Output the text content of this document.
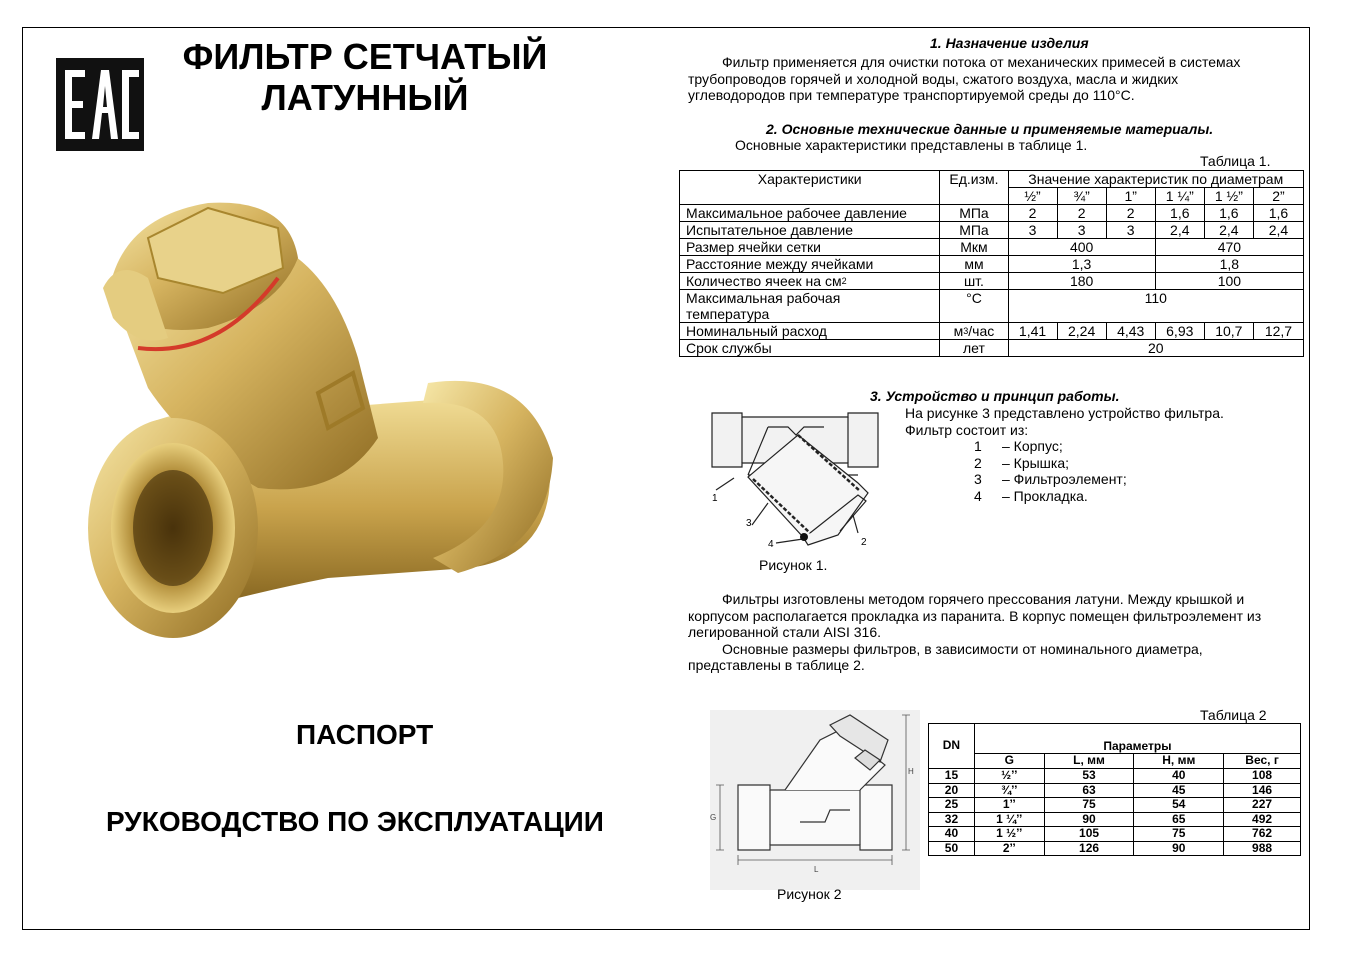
ФИЛЬТР СЕТЧАТЫЙ
ЛАТУННЫЙ
ПАСПОРТ
РУКОВОДСТВО ПО ЭКСПЛУАТАЦИИ
1. Назначение изделия
Фильтр применяется для очистки потока от механических примесей в системах
трубопроводов горячей и холодной воды, сжатого воздуха, масла и жидких
углеводородов при температуре транспортируемой среды до 110°С.
2. Основные технические данные и применяемые материалы.
Основные характеристики представлены в таблице 1.
Таблица 1.
Характеристики	Ед.изм.	Значение характеристик по диаметрам					
		½”	¾”	1”	1 ¼”	1 ½”	2”
Максимальное рабочее давление	МПа	2	2	2	1,6	1,6	1,6
Испытательное давление	МПа	3	3	3	2,4	2,4	2,4
Размер ячейки сетки	Мкм	400			470		
Расстояние между ячейками	мм	1,3			1,8		
Количество ячеек на $см^2$	шт.	180			100		

Максимальная рабочая
температура	°С	110					
Номинальный расход	$м^3$/час	1,41	2,24	4,43	6,93	10,7	12,7
Срок службы	лет	20					
3. Устройство и принцип работы.
На рисунке 3 представлено устройство фильтра.
Фильтр состоит из:
1 – Корпус;
2 – Крышка;
3 – Фильтроэлемент;
4 – Прокладка.
1
2
3
4
Рисунок 1.
Фильтры изготовлены методом горячего прессования латуни. Между крышкой и
корпусом располагается прокладка из паранита. В корпус помещен фильтроэлемент из
легированной стали AISI 316.
Основные размеры фильтров, в зависимости от номинального диаметра,
представлены в таблице 2.
H
G
L
Рисунок 2
Таблица 2
DN	Параметры			
	G	L, мм	H, мм	Вес, г
15	½’’	53	40	108
20	¾’’	63	45	146
25	1’’	75	54	227
32	1 ¼’’	90	65	492
40	1 ½’’	105	75	762
50	2’’	126	90	988
